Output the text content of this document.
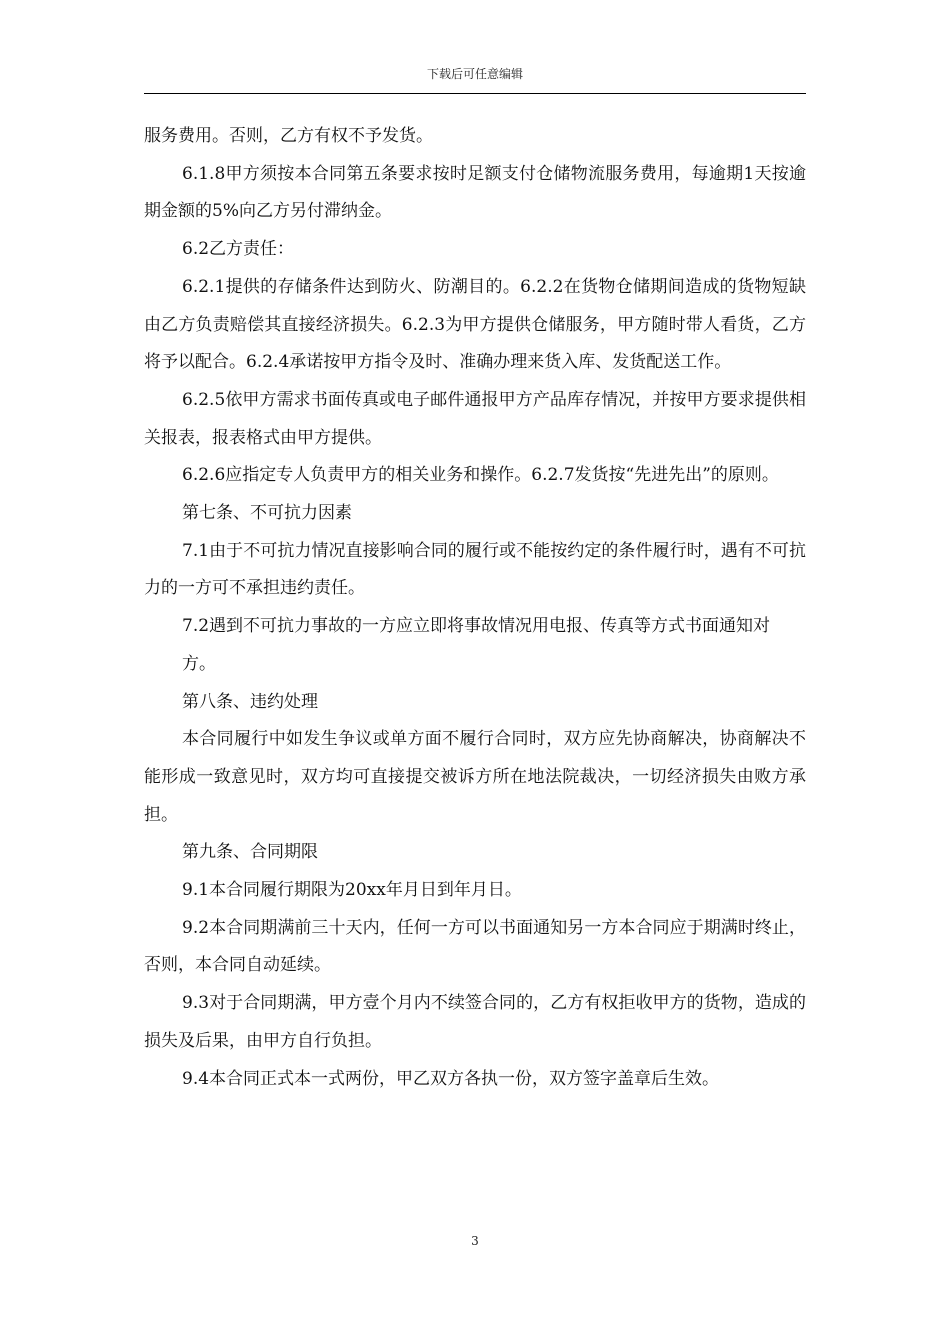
下载后可任意编辑

服务费用。否则，乙方有权不予发货。

6.1.8甲方须按本合同第五条要求按时足额支付仓储物流服务费用，每逾期1天按逾期金额的5%向乙方另付滞纳金。

6.2乙方责任：

6.2.1提供的存储条件达到防火、防潮目的。6.2.2在货物仓储期间造成的货物短缺由乙方负责赔偿其直接经济损失。6.2.3为甲方提供仓储服务，甲方随时带人看货，乙方将予以配合。6.2.4承诺按甲方指令及时、准确办理来货入库、发货配送工作。

6.2.5依甲方需求书面传真或电子邮件通报甲方产品库存情况，并按甲方要求提供相关报表，报表格式由甲方提供。

6.2.6应指定专人负责甲方的相关业务和操作。6.2.7发货按“先进先出”的原则。

第七条、不可抗力因素

7.1由于不可抗力情况直接影响合同的履行或不能按约定的条件履行时，遇有不可抗力的一方可不承担违约责任。

7.2遇到不可抗力事故的一方应立即将事故情况用电报、传真等方式书面通知对

方。

第八条、违约处理

本合同履行中如发生争议或单方面不履行合同时，双方应先协商解决，协商解决不能形成一致意见时，双方均可直接提交被诉方所在地法院裁决，一切经济损失由败方承担。

第九条、合同期限

9.1本合同履行期限为20xx年月日到年月日。

9.2本合同期满前三十天内，任何一方可以书面通知另一方本合同应于期满时终止，否则，本合同自动延续。

9.3对于合同期满，甲方壹个月内不续签合同的，乙方有权拒收甲方的货物，造成的损失及后果，由甲方自行负担。

9.4本合同正式本一式两份，甲乙双方各执一份，双方签字盖章后生效。

3
